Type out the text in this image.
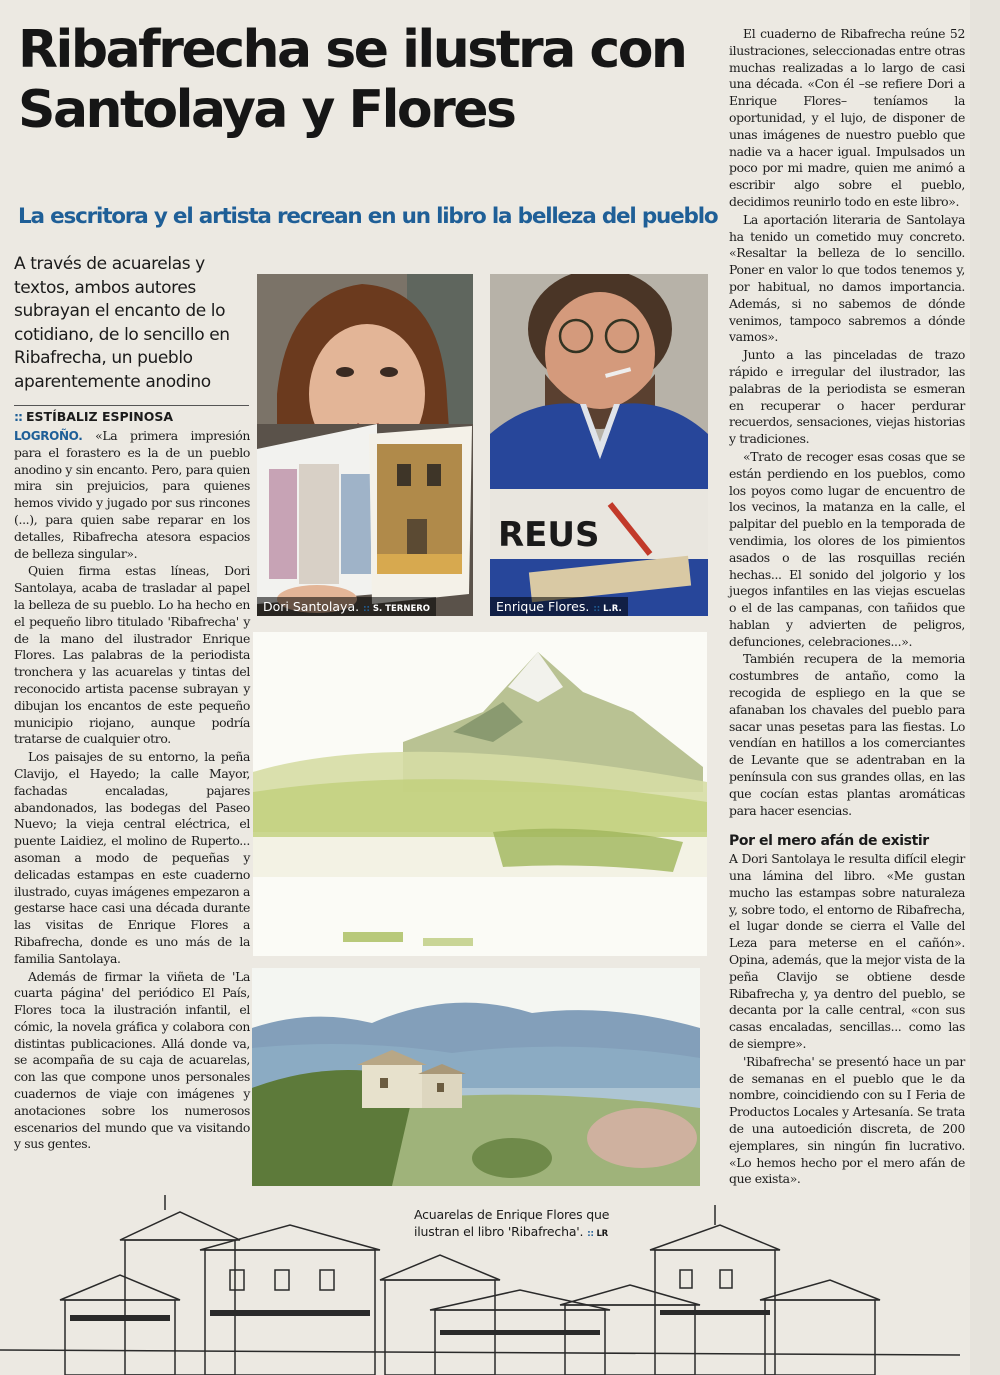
Ribafrecha se ilustra con Santolaya y Flores
La escritora y el artista recrean en un libro la belleza del pueblo
A través de acuarelas y textos, ambos autores subrayan el encanto de lo cotidiano, de lo sencillo en Ribafrecha, un pueblo aparentemente anodino
:: ESTÍBALIZ ESPINOSA

LOGROÑO. «La primera impresión para el forastero es la de un pueblo anodino y sin encanto. Pero, para quien mira sin prejuicios, para quienes hemos vivido y jugado por sus rincones (...), para quien sabe reparar en los detalles, Ribafrecha atesora espacios de belleza singular».

Quien firma estas líneas, Dori Santolaya, acaba de trasladar al papel la belleza de su pueblo. Lo ha hecho en el pequeño libro titulado 'Ribafrecha' y de la mano del ilustrador Enrique Flores. Las palabras de la periodista tronchera y las acuarelas y tintas del reconocido artista pacense subrayan y dibujan los encantos de este pequeño municipio riojano, aunque podría tratarse de cualquier otro.

Los paisajes de su entorno, la peña Clavijo, el Hayedo; la calle Mayor, fachadas encaladas, pajares abandonados, las bodegas del Paseo Nuevo; la vieja central eléctrica, el puente Laidiez, el molino de Ruperto... asoman a modo de pequeñas y delicadas estampas en este cuaderno ilustrado, cuyas imágenes empezaron a gestarse hace casi una década durante las visitas de Enrique Flores a Ribafrecha, donde es uno más de la familia Santolaya.

Además de firmar la viñeta de 'La cuarta página' del periódico El País, Flores toca la ilustración infantil, el cómic, la novela gráfica y colabora con distintas publicaciones. Allá donde va, se acompaña de su caja de acuarelas, con las que compone unos personales cuadernos de viaje con imágenes y anotaciones sobre los numerosos escenarios del mundo que va visitando y sus gentes.

Dori Santolaya. :: S. TERNERO
REUS
Enrique Flores. :: L.R.
Acuarelas de Enrique Flores que ilustran el libro 'Ribafrecha'. :: LR

El cuaderno de Ribafrecha reúne 52 ilustraciones, seleccionadas entre otras muchas realizadas a lo largo de casi una década. «Con él –se refiere Dori a Enrique Flores– teníamos la oportunidad, y el lujo, de disponer de unas imágenes de nuestro pueblo que nadie va a hacer igual. Impulsados un poco por mi madre, quien me animó a escribir algo sobre el pueblo, decidimos reunirlo todo en este libro».

La aportación literaria de Santolaya ha tenido un cometido muy concreto. «Resaltar la belleza de lo sencillo. Poner en valor lo que todos tenemos y, por habitual, no damos importancia. Además, si no sabemos de dónde venimos, tampoco sabremos a dónde vamos».

Junto a las pinceladas de trazo rápido e irregular del ilustrador, las palabras de la periodista se esmeran en recuperar o hacer perdurar recuerdos, sensaciones, viejas historias y tradiciones.

«Trato de recoger esas cosas que se están perdiendo en los pueblos, como los poyos como lugar de encuentro de los vecinos, la matanza en la calle, el palpitar del pueblo en la temporada de vendimia, los olores de los pimientos asados o de las rosquillas recién hechas... El sonido del jolgorio y los juegos infantiles en las viejas escuelas o el de las campanas, con tañidos que hablan y advierten de peligros, defunciones, celebraciones...».

También recupera de la memoria costumbres de antaño, como la recogida de espliego en la que se afanaban los chavales del pueblo para sacar unas pesetas para las fiestas. Lo vendían en hatillos a los comerciantes de Levante que se adentraban en la península con sus grandes ollas, en las que cocían estas plantas aromáticas para hacer esencias.

Por el mero afán de existir

A Dori Santolaya le resulta difícil elegir una lámina del libro. «Me gustan mucho las estampas sobre naturaleza y, sobre todo, el entorno de Ribafrecha, el lugar donde se cierra el Valle del Leza para meterse en el cañón». Opina, además, que la mejor vista de la peña Clavijo se obtiene desde Ribafrecha y, ya dentro del pueblo, se decanta por la calle central, «con sus casas encaladas, sencillas... como las de siempre».

'Ribafrecha' se presentó hace un par de semanas en el pueblo que le da nombre, coincidiendo con su I Feria de Productos Locales y Artesanía. Se trata de una autoedición discreta, de 200 ejemplares, sin ningún fin lucrativo. «Lo hemos hecho por el mero afán de que exista».
